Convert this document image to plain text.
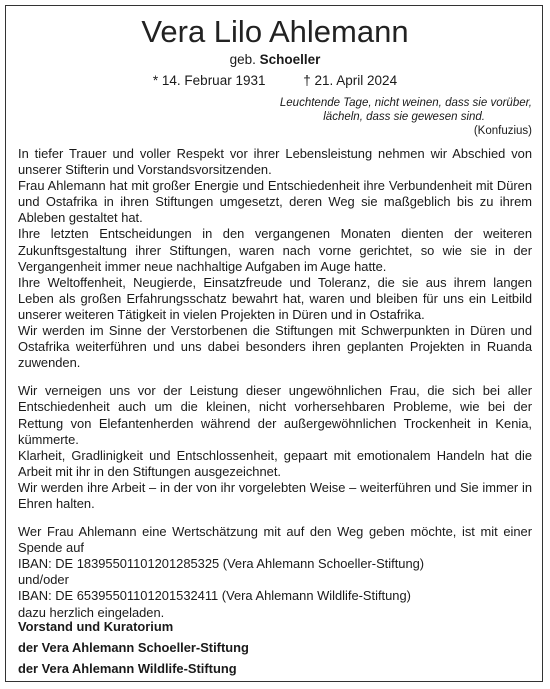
Vera Lilo Ahlemann
geb. Schoeller
* 14. Februar 1931	† 21. April 2024
Leuchtende Tage, nicht weinen, dass sie vorüber,
lächeln, dass sie gewesen sind.
(Konfuzius)

In tiefer Trauer und voller Respekt vor ihrer Lebensleistung nehmen wir Abschied von unserer Stifterin und Vorstandsvorsitzenden.

Frau Ahlemann hat mit großer Energie und Entschiedenheit ihre Verbundenheit mit Düren und Ostafrika in ihren Stiftungen umgesetzt, deren Weg sie maßgeblich bis zu ihrem Ableben gestaltet hat.

Ihre letzten Entscheidungen in den vergangenen Monaten dienten der weiteren Zukunftsgestaltung ihrer Stiftungen, waren nach vorne gerichtet, so wie sie in der Vergangenheit immer neue nachhaltige Aufgaben im Auge hatte.

Ihre Weltoffenheit, Neugierde, Einsatzfreude und Toleranz, die sie aus ihrem langen Leben als großen Erfahrungsschatz bewahrt hat, waren und bleiben für uns ein Leitbild unserer weiteren Tätigkeit in vielen Projekten in Düren und in Ostafrika.

Wir werden im Sinne der Verstorbenen die Stiftungen mit Schwerpunkten in Düren und Ostafrika weiterführen und uns dabei besonders ihren geplanten Projekten in Ruanda zuwenden.

Wir verneigen uns vor der Leistung dieser ungewöhnlichen Frau, die sich bei aller Entschiedenheit auch um die kleinen, nicht vorhersehbaren Probleme, wie bei der Rettung von Elefantenherden während der außergewöhnlichen Trockenheit in Kenia, kümmerte.

Klarheit, Gradlinigkeit und Entschlossenheit, gepaart mit emotionalem Handeln hat die Arbeit mit ihr in den Stiftungen ausgezeichnet.

Wir werden ihre Arbeit – in der von ihr vorgelebten Weise – weiterführen und Sie immer in Ehren halten.

Wer Frau Ahlemann eine Wertschätzung mit auf den Weg geben möchte, ist mit einer Spende auf

IBAN: DE 18395501101201285325 (Vera Ahlemann Schoeller-Stiftung)

und/oder

IBAN: DE 65395501101201532411 (Vera Ahlemann Wildlife-Stiftung)

dazu herzlich eingeladen.

Vorstand und Kuratorium
der Vera Ahlemann Schoeller-Stiftung
der Vera Ahlemann Wildlife-Stiftung
